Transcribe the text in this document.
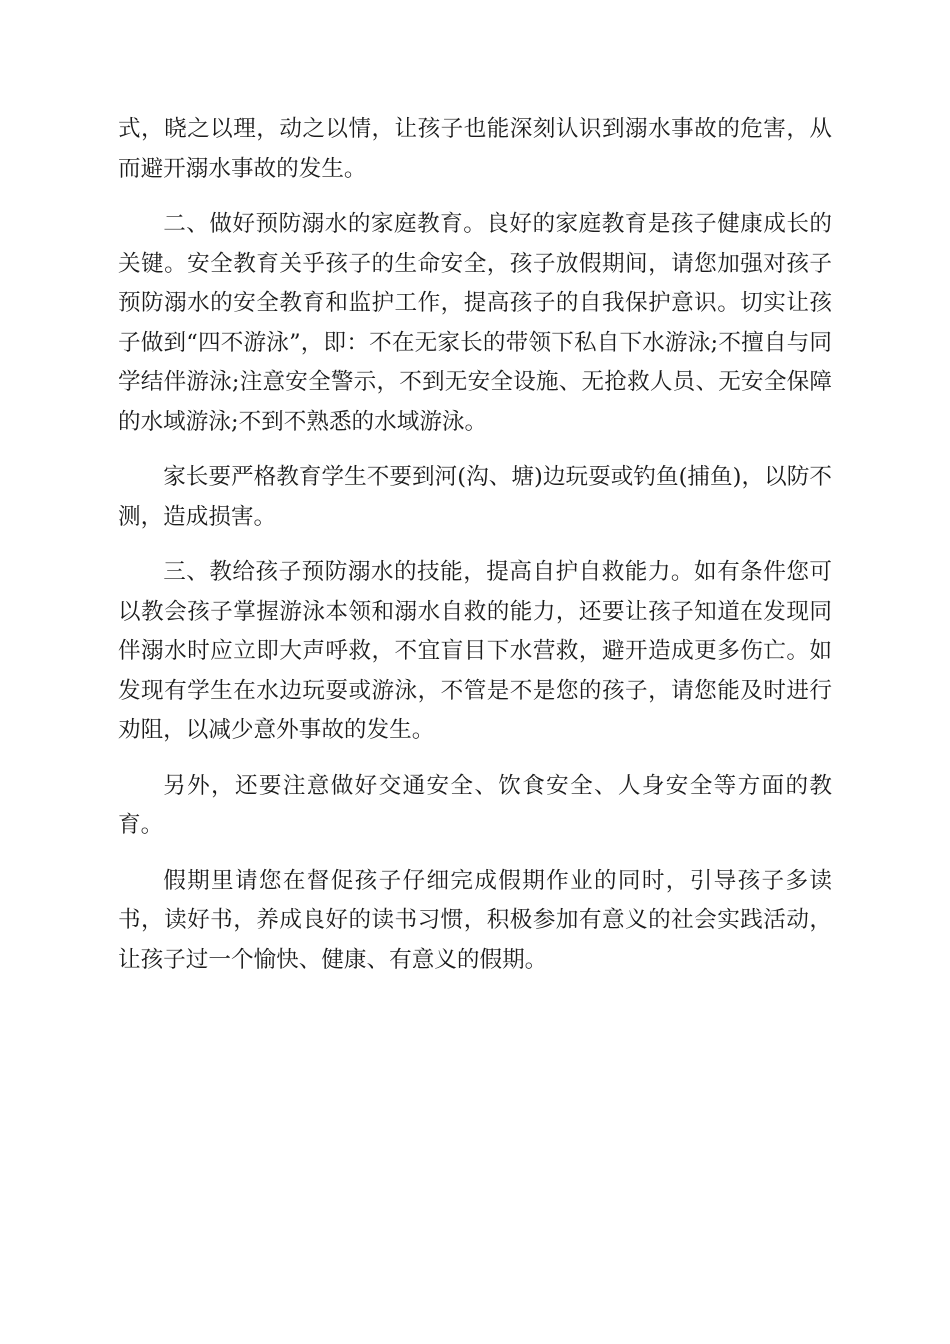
式，晓之以理，动之以情，让孩子也能深刻认识到溺水事故的危害，从而避开溺水事故的发生。

二、做好预防溺水的家庭教育。良好的家庭教育是孩子健康成长的关键。安全教育关乎孩子的生命安全，孩子放假期间，请您加强对孩子预防溺水的安全教育和监护工作，提高孩子的自我保护意识。切实让孩子做到“四不游泳”，即：不在无家长的带领下私自下水游泳;不擅自与同学结伴游泳;注意安全警示，不到无安全设施、无抢救人员、无安全保障的水域游泳;不到不熟悉的水域游泳。

家长要严格教育学生不要到河(沟、塘)边玩耍或钓鱼(捕鱼)，以防不测，造成损害。

三、教给孩子预防溺水的技能，提高自护自救能力。如有条件您可以教会孩子掌握游泳本领和溺水自救的能力，还要让孩子知道在发现同伴溺水时应立即大声呼救，不宜盲目下水营救，避开造成更多伤亡。如发现有学生在水边玩耍或游泳，不管是不是您的孩子，请您能及时进行劝阻，以减少意外事故的发生。

另外，还要注意做好交通安全、饮食安全、人身安全等方面的教育。

假期里请您在督促孩子仔细完成假期作业的同时，引导孩子多读书，读好书，养成良好的读书习惯，积极参加有意义的社会实践活动，让孩子过一个愉快、健康、有意义的假期。
